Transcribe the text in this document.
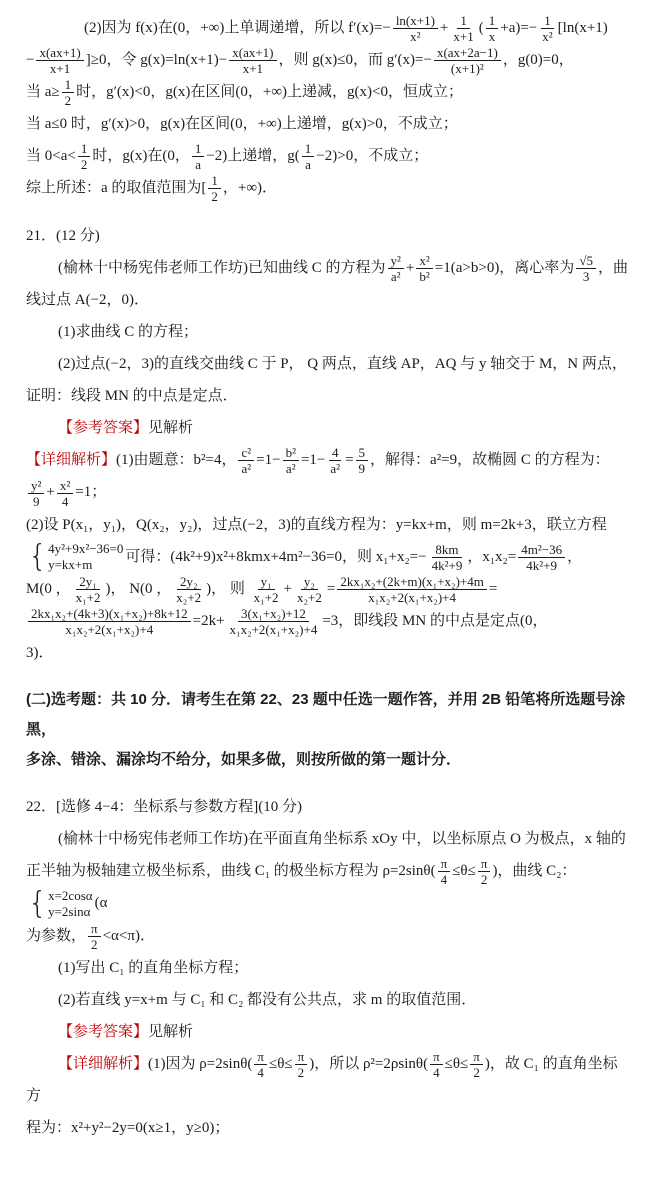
(2)因为 f(x)在(0，+∞)上单调递增，所以 $f'(x)=- \frac{\ln(x+1)}{\text{x²}} + \frac{1}{x+1}$ ( $\frac{1}{x} +a)=- \frac{1}{\text{x²}} [\ln(x+1)$

− $\frac{x(ax+1)}{x+1} ]\ge 0$，令 $g(x)=\ln(x+1)- \frac{x(ax+1)}{x+1}$ ，则 g(x)≤0，而 $g'(x)=- \frac{x(ax+2a-1)}{\text{(x+1)²}}$ ，g(0)=0，

当 $a\ge \frac{1}{2}$ 时，g′(x)<0，g(x)在区间(0，+∞)上递减，g(x)<0，恒成立；

当 a≤0 时，g′(x)>0，g(x)在区间(0，+∞)上递增，g(x)>0，不成立；

当 $0<a< \frac{1}{2}$ 时，g(x)在(0， $\frac{1}{a} -2$)上递增，$g( \frac{1}{a} -2)>0$，不成立；

综上所述：a 的取值范围为[ $\frac{1}{2}$ ，+∞)．

21．(12 分)

(榆林十中杨宪伟老师工作坊)已知曲线 C 的方程为 $\frac{\text{y²}}{\text{a²}} + \frac{\text{x²}}{\text{b²}} =1(a>b>0)$，离心率为 $\frac{√5}{3}$ ，曲

线过点 A(−2，0)．

(1)求曲线 C 的方程；

(2)过点(−2，3)的直线交曲线 C 于 P， Q 两点，直线 AP，AQ 与 y 轴交于 M，N 两点，

证明：线段 MN 的中点是定点．

【参考答案】见解析

【详细解析】(1)由题意：b²=4， $\frac{\text{c²}}{\text{a²}} =1- \frac{\text{b²}}{\text{a²}} =1- \frac{4}{\text{a²}} = \frac{5}{9}$ ，解得：a²=9，故椭圆 C 的方程为：

$\frac{\text{y²}}{9} + \frac{\text{x²}}{4} =1$；

(2)设 P(x₁，y₁)，Q(x₂，y₂)，过点(−2，3)的直线方程为：y=kx+m，则 m=2k+3，联立方程

{ 4y²+9x²−36=0
y=kx+m
可得：(4k²+9)x²+8kmx+4m²−36=0，则 $x_1+x_2=- \frac{8km}{\text{4k²+9}}$ ，$x_1x_2= \frac{\text{4m²−36}}{\text{4k²+9}}$ ，

M(0 ， $\frac{\text{2y₁}}{\text{x₁+2}}$ )， N(0 ， $\frac{\text{2y₂}}{\text{x₂+2}}$ )， 则 $\frac{\text{y₁}}{\text{x₁+2}} + \frac{\text{y₂}}{\text{x₂+2}} = \frac{\text{2kx₁x₂+(2k+m)(x₁+x₂)+4m}}{\text{x₁x₂+2(x₁+x₂)+4}}$ =

$\frac{\text{2kx₁x₂+(4k+3)(x₁+x₂)+8k+12}}{\text{x₁x₂+2(x₁+x₂)+4}} =2k+ \frac{\text{3(x₁+x₂)+12}}{\text{x₁x₂+2(x₁+x₂)+4}} =3$，即线段 MN 的中点是定点(0，

3)．

(二)选考题：共 10 分．请考生在第 22、23 题中任选一题作答，并用 2B 铅笔将所选题号涂黑，

多涂、错涂、漏涂均不给分，如果多做，则按所做的第一题计分．

22．[选修 4−4：坐标系与参数方程](10 分)

(榆林十中杨宪伟老师工作坊)在平面直角坐标系 xOy 中，以坐标原点 O 为极点，x 轴的

正半轴为极轴建立极坐标系，曲线 C₁ 的极坐标方程为 $\rho=2\sin\theta( \frac{\pi}{4} \le\theta\le \frac{\pi}{2}$ )，曲线 C₂：
{ x=2cosα
y=2sinα
(α

为参数， $\frac{\pi}{2} <\alpha<\pi$)．

(1)写出 C₁ 的直角坐标方程；

(2)若直线 y=x+m 与 C₁ 和 C₂ 都没有公共点，求 m 的取值范围．

【参考答案】见解析

【详细解析】(1)因为 $\rho=2\sin\theta( \frac{\pi}{4} \le\theta\le \frac{\pi}{2}$ )，所以 $\rho^2=2\rho\sin\theta( \frac{\pi}{4} \le\theta\le \frac{\pi}{2}$ )，故 C₁ 的直角坐标方

程为：x²+y²−2y=0(x≥1，y≥0)；
